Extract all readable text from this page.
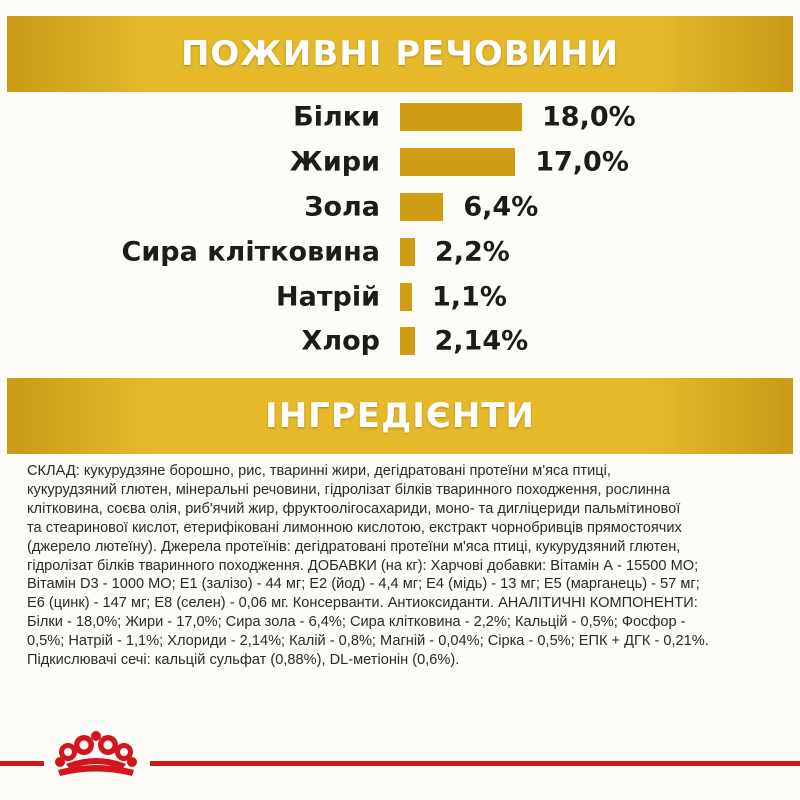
ПОЖИВНІ РЕЧОВИНИ
Білки	18,0%
Жири	17,0%
Зола	6,4%
Сира клітковина 2,2%
Натрій 1,1%
Хлор 2,14%
ІНГРЕДІЄНТИ
СКЛАД: кукурудзяне борошно, рис, тваринні жири, дегідратовані протеїни м'яса птиці,
кукурудзяний глютен, мінеральні речовини, гідролізат білків тваринного походження, рослинна
клітковина, соєва олія, риб'ячий жир, фруктоолігосахариди, моно- та дигліцериди пальмітинової
та стеаринової кислот, етерифіковані лимонною кислотою, екстракт чорнобривців прямостоячих
(джерело лютеїну). Джерела протеїнів: дегідратовані протеїни м'яса птиці, кукурудзяний глютен,
гідролізат білків тваринного походження. ДОБАВКИ (на кг): Харчові добавки: Вітамін А - 15500 МО;
Вітамін D3 - 1000 МО; Е1 (залізо) - 44 мг; Е2 (йод) - 4,4 мг; Е4 (мідь) - 13 мг; Е5 (марганець) - 57 мг;
Е6 (цинк) - 147 мг; Е8 (селен) - 0,06 мг. Консерванти. Антиоксиданти. АНАЛІТИЧНІ КОМПОНЕНТИ:
Білки - 18,0%; Жири - 17,0%; Сира зола - 6,4%; Сира клітковина - 2,2%; Кальцій - 0,5%; Фосфор -
0,5%; Натрій - 1,1%; Хлориди - 2,14%; Калій - 0,8%; Магній - 0,04%; Сірка - 0,5%; ЕПК + ДГК - 0,21%.
Підкислювачі сечі: кальцій сульфат (0,88%), DL-метіонін (0,6%).
